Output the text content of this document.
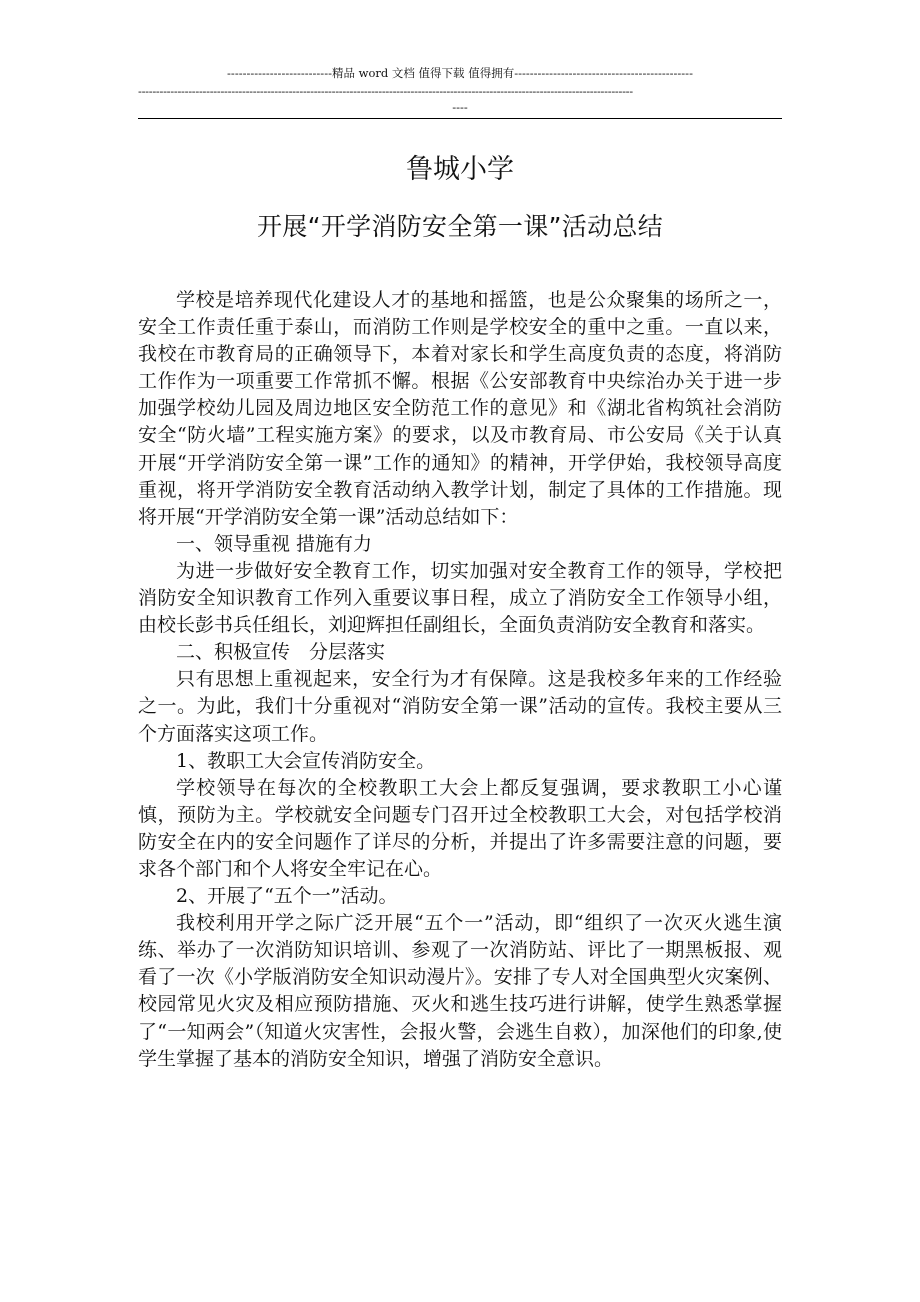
---------------------------精品 word 文档 值得下载 值得拥有----------------------------------------------
------------------------------------------------------------------------------------------------------------------------------------------
----
鲁城小学
开展“开学消防安全第一课”活动总结

学校是培养现代化建设人才的基地和摇篮，也是公众聚集的场所之一，安全工作责任重于泰山，而消防工作则是学校安全的重中之重。一直以来，我校在市教育局的正确领导下，本着对家长和学生高度负责的态度，将消防工作作为一项重要工作常抓不懈。根据《公安部教育中央综治办关于进一步加强学校幼儿园及周边地区安全防范工作的意见》和《湖北省构筑社会消防安全“防火墙”工程实施方案》的要求，以及市教育局、市公安局《关于认真开展“开学消防安全第一课”工作的通知》的精神，开学伊始，我校领导高度重视，将开学消防安全教育活动纳入教学计划，制定了具体的工作措施。现将开展“开学消防安全第一课”活动总结如下：

一、领导重视 措施有力

为进一步做好安全教育工作，切实加强对安全教育工作的领导，学校把消防安全知识教育工作列入重要议事日程，成立了消防安全工作领导小组，由校长彭书兵任组长，刘迎辉担任副组长，全面负责消防安全教育和落实。

二、积极宣传　分层落实

只有思想上重视起来，安全行为才有保障。这是我校多年来的工作经验之一。为此，我们十分重视对“消防安全第一课”活动的宣传。我校主要从三个方面落实这项工作。

1、教职工大会宣传消防安全。

学校领导在每次的全校教职工大会上都反复强调，要求教职工小心谨慎，预防为主。学校就安全问题专门召开过全校教职工大会，对包括学校消防安全在内的安全问题作了详尽的分析，并提出了许多需要注意的问题，要求各个部门和个人将安全牢记在心。

2、开展了“五个一”活动。

我校利用开学之际广泛开展“五个一”活动，即“组织了一次灭火逃生演练、举办了一次消防知识培训、参观了一次消防站、评比了一期黑板报、观看了一次《小学版消防安全知识动漫片》。安排了专人对全国典型火灾案例、校园常见火灾及相应预防措施、灭火和逃生技巧进行讲解，使学生熟悉掌握了“一知两会”（知道火灾害性，会报火警，会逃生自救），加深他们的印象,使学生掌握了基本的消防安全知识，增强了消防安全意识。
